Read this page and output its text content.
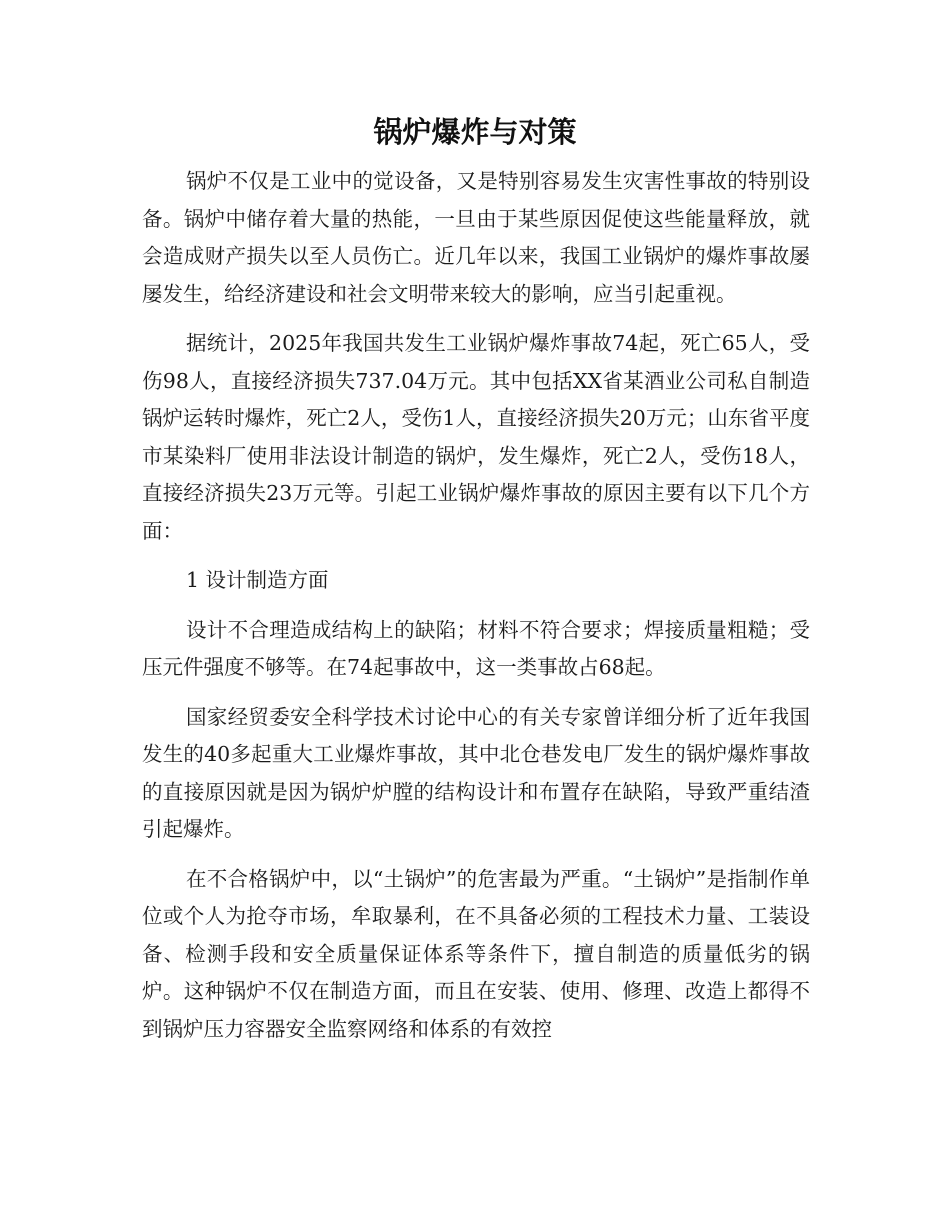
锅炉爆炸与对策

锅炉不仅是工业中的觉设备，又是特别容易发生灾害性事故的特别设备。锅炉中储存着大量的热能，一旦由于某些原因促使这些能量释放，就会造成财产损失以至人员伤亡。近几年以来，我国工业锅炉的爆炸事故屡屡发生，给经济建设和社会文明带来较大的影响，应当引起重视。

据统计，2025年我国共发生工业锅炉爆炸事故74起，死亡65人，受伤98人，直接经济损失737.04万元。其中包括XX省某酒业公司私自制造锅炉运转时爆炸，死亡2人，受伤1人，直接经济损失20万元；山东省平度市某染料厂使用非法设计制造的锅炉，发生爆炸，死亡2人，受伤18人，直接经济损失23万元等。引起工业锅炉爆炸事故的原因主要有以下几个方面：

1 设计制造方面

设计不合理造成结构上的缺陷；材料不符合要求；焊接质量粗糙；受压元件强度不够等。在74起事故中，这一类事故占68起。

国家经贸委安全科学技术讨论中心的有关专家曾详细分析了近年我国发生的40多起重大工业爆炸事故，其中北仓巷发电厂发生的锅炉爆炸事故的直接原因就是因为锅炉炉膛的结构设计和布置存在缺陷，导致严重结渣引起爆炸。

在不合格锅炉中，以“土锅炉”的危害最为严重。“土锅炉”是指制作单位或个人为抢夺市场，牟取暴利，在不具备必须的工程技术力量、工装设备、检测手段和安全质量保证体系等条件下，擅自制造的质量低劣的锅炉。这种锅炉不仅在制造方面，而且在安装、使用、修理、改造上都得不到锅炉压力容器安全监察网络和体系的有效控
